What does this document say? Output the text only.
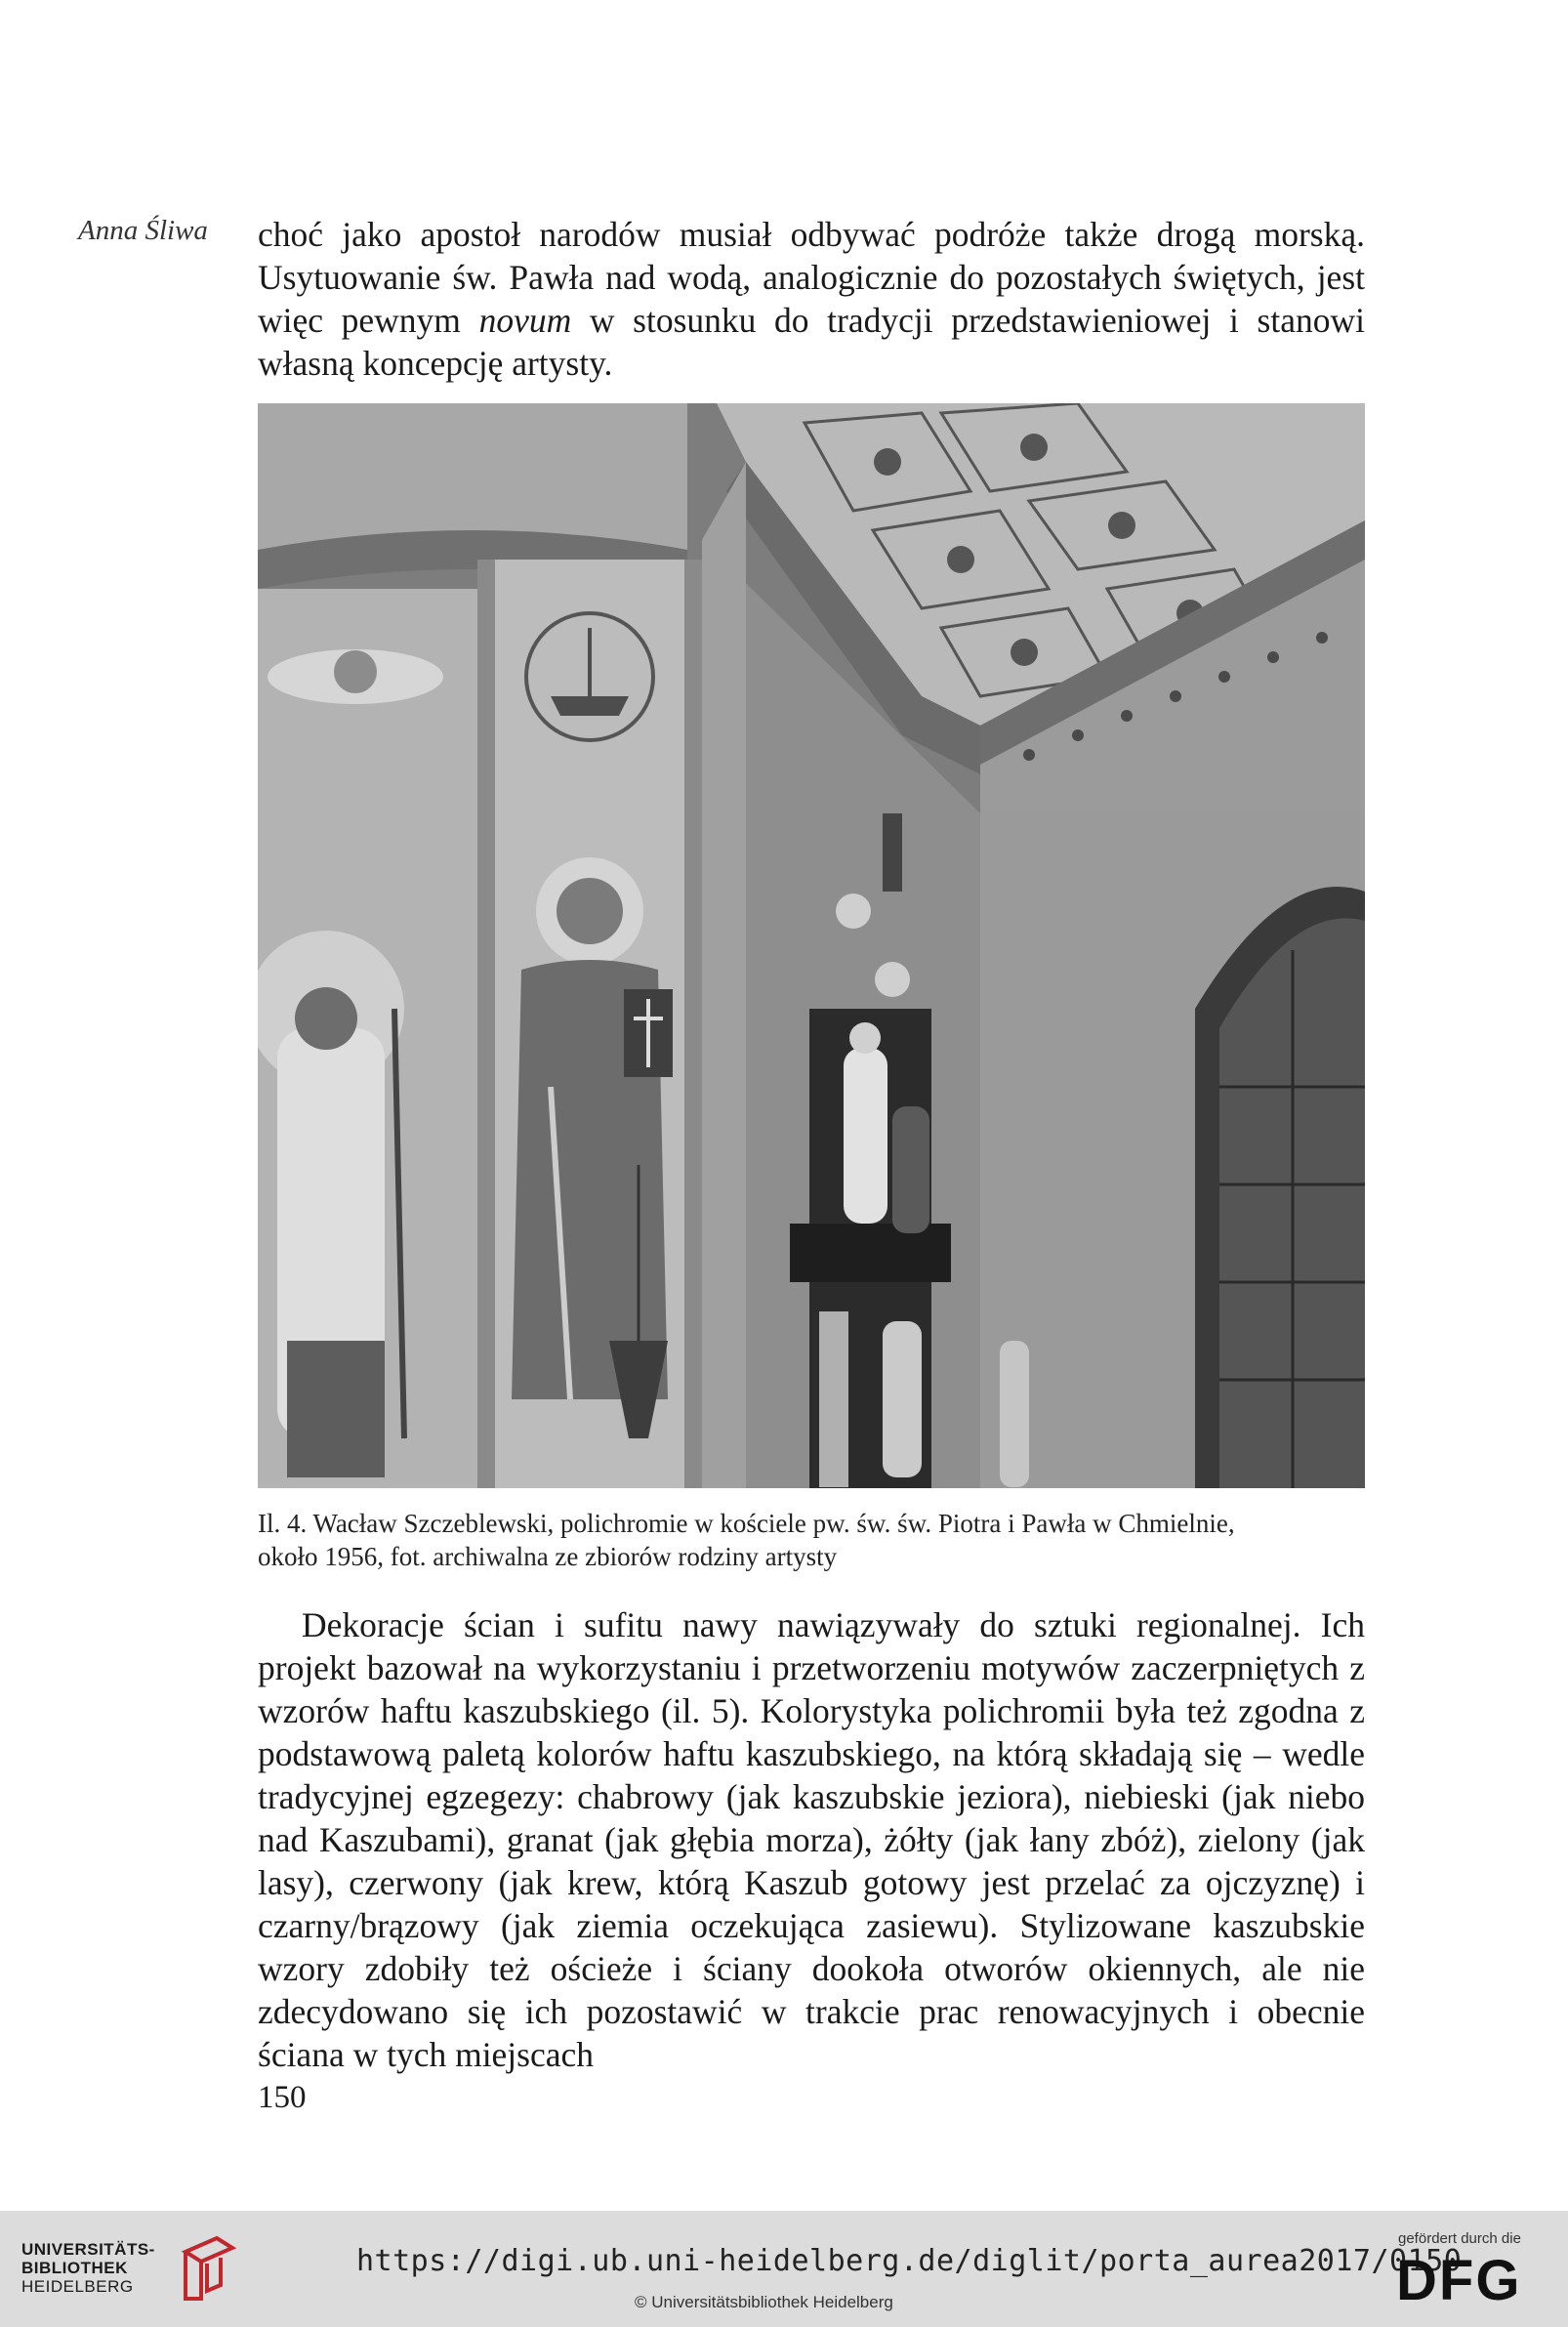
Anna Śliwa	choć jako apostoł narodów musiał odbywać podróże także drogą morską. Usytuowanie św. Pawła nad wodą, analogicznie do pozostałych świętych, jest więc pewnym novum w stosunku do tradycji przedstawieniowej i stanowi własną koncepcję artysty.

Il. 4. Wacław Szczeblewski, polichromie w kościele pw. św. św. Piotra i Pawła w Chmielnie,
około 1956, fot. archiwalna ze zbiorów rodziny artysty

Dekoracje ścian i sufitu nawy nawiązywały do sztuki regionalnej. Ich projekt bazował na wykorzystaniu i przetworzeniu motywów zaczerpniętych z wzorów haftu kaszubskiego (il. 5). Kolorystyka polichromii była też zgodna z podstawową paletą kolorów haftu kaszubskiego, na którą składają się – wedle tradycyjnej egzegezy: chabrowy (jak kaszubskie jeziora), niebieski (jak niebo nad Kaszubami), granat (jak głębia morza), żółty (jak łany zbóż), zielony (jak lasy), czerwony (jak krew, którą Kaszub gotowy jest przelać za ojczyznę) i czarny/brązowy (jak ziemia oczekująca zasiewu). Stylizowane kaszubskie wzory zdobiły też ościeże i ściany dookoła otworów okiennych, ale nie zdecydowano się ich pozostawić w trakcie prac renowacyjnych i obecnie ściana w tych miejscach

150
UNIVERSITÄTS-
BIBLIOTHEK
HEIDELBERG
https://digi.ub.uni-heidelberg.de/diglit/porta_aurea2017/0150
© Universitätsbibliothek Heidelberg
gefördert durch die
DFG
